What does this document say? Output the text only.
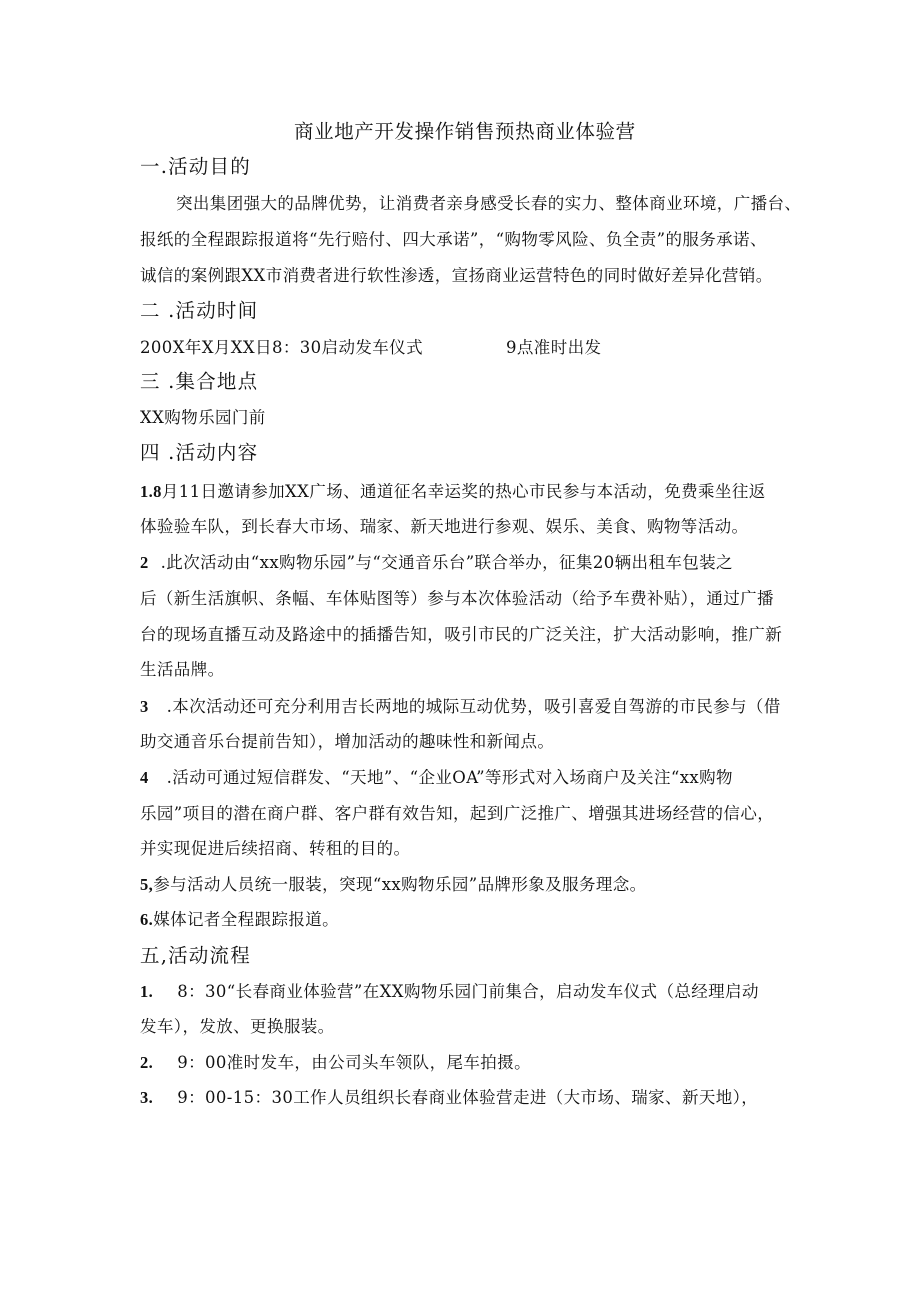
商业地产开发操作销售预热商业体验营
一.活动目的
突出集团强大的品牌优势，让消费者亲身感受长春的实力、整体商业环境，广播台、
报纸的全程跟踪报道将“先行赔付、四大承诺”，“购物零风险、负全责”的服务承诺、
诚信的案例跟XX市消费者进行软性渗透，宣扬商业运营特色的同时做好差异化营销。
二 .活动时间
200X年X月XX日8：30启动发车仪式	9点准时出发
三 .集合地点
XX购物乐园门前
四 .活动内容
1.8月11日邀请参加XX广场、通道征名幸运奖的热心市民参与本活动，免费乘坐往返
体验验车队，到长春大市场、瑞家、新天地进行参观、娱乐、美食、购物等活动。
2 .此次活动由“xx购物乐园”与“交通音乐台”联合举办，征集20辆出租车包装之
后（新生活旗帜、条幅、车体贴图等）参与本次体验活动（给予车费补贴），通过广播
台的现场直播互动及路途中的插播告知，吸引市民的广泛关注，扩大活动影响，推广新
生活品牌。
3 .本次活动还可充分利用吉长两地的城际互动优势，吸引喜爱自驾游的市民参与（借
助交通音乐台提前告知），增加活动的趣味性和新闻点。
4 .活动可通过短信群发、“天地”、“企业OA”等形式对入场商户及关注“xx购物
乐园”项目的潜在商户群、客户群有效告知，起到广泛推广、增强其进场经营的信心，
并实现促进后续招商、转租的目的。
5,参与活动人员统一服装，突现“xx购物乐园”品牌形象及服务理念。
6.媒体记者全程跟踪报道。
五,活动流程
1. 8：30“长春商业体验营”在XX购物乐园门前集合，启动发车仪式（总经理启动
发车），发放、更换服装。
2. 9：00准时发车，由公司头车领队，尾车拍摄。
3. 9：00-15：30工作人员组织长春商业体验营走进（大市场、瑞家、新天地），
